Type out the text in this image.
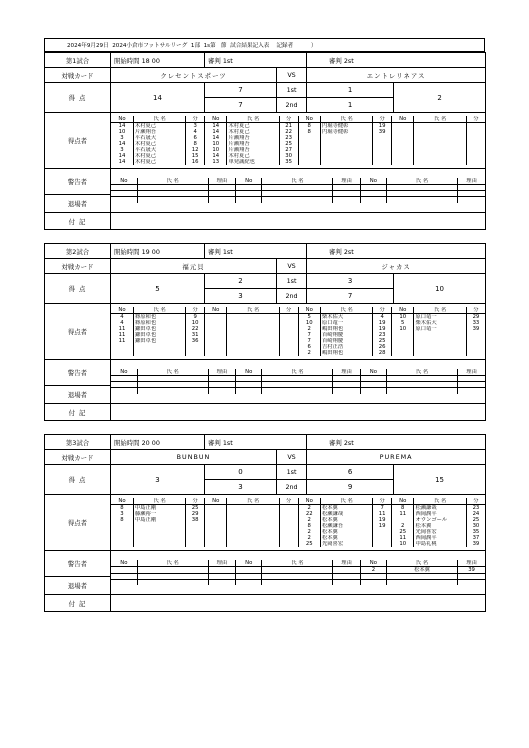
2024年9月29日  2024小倉市フットサルリーグ  1部  1s第   節  試合結果記入表    記録者          ）
第1試合	開始時間 18 00	審判 1st	審判 2st
対戦カード	クレセントスポーツ	VS	エントレリネアス
得 点	14	7	1st	1	2
7	2nd	1
得点者	
No	氏 名	分	No	氏 名	分	No	氏 名	分	No	氏 名	分
14	木村夏己	3	14	木村夏己	21	8	円堀寺健彰	19			
10	片瀬翔吾	4	14	木村夏己	22	8	円堀寺健彰	39			
3	平石晟大	6	14	片瀬翔吾	23						
14	木村夏己	8	10	片瀬翔吾	25						
3	平石晟大	12	10	片瀬翔吾	27						
14	木村夏己	15	14	木村夏己	30						
14	木村夏己	16	13	単発誠紀也	35						

警告者		No	氏 名	理由	No	氏 名	理由	No	氏 名	理由

退場者
付 記	
第2試合	開始時間 19 00	審判 1st	審判 2st
対戦カード	福元貝	VS	ジャカス
得 点	5	2	1st	3	10
3	2nd	7
得点者	
No	氏 名	分	No	氏 名	分	No	氏 名	分	No	氏 名	分
4	篠原和也	9				5	柴木佑大	4	10	原口竜一	29
4	篠原和也	10				10	原口竜一	19	5	柴木佑大	33
11	鎌田卓也	22				2	嶋田翔也	19	10	原口竜一	39
11	鎌田卓也	31				7	百崎翔慶	23			
11	鎌田卓也	36				7	百崎翔慶	25			
						6	吉村正浩	26			
						2	嶋田翔也	28			

警告者		No	氏 名	理由	No	氏 名	理由	No	氏 名	理由

退場者
付 記	
第3試合	開始時間 20 00	審判 1st	審判 2st
対戦カード	BUNBUN	VS	PUREMA
得 点	3	0	1st	6	15
3	2nd	9
得点者	
No	氏 名	分	No	氏 名	分	No	氏 名	分	No	氏 名	分
8	中島正剛	25				2	松本翼	7	8	松瀬謙哉	23
3	藤瀬裕一	29				22	松瀬謙哉	11	11	西岡潤平	24
8	中島正剛	38				2	松本翼	19		オウンゴール	25
						8	松瀬謙吾	19	2	松本翼	30
						2	松本翼		25	光岡喜宏	35
						2	松本翼		11	西岡潤平	37
						25	光岡喜宏		10	中島礼桃	39

警告者		No	氏 名	理由	No	氏 名	理由	No	氏 名	理由
						2	松本翼	39

退場者
付 記	
